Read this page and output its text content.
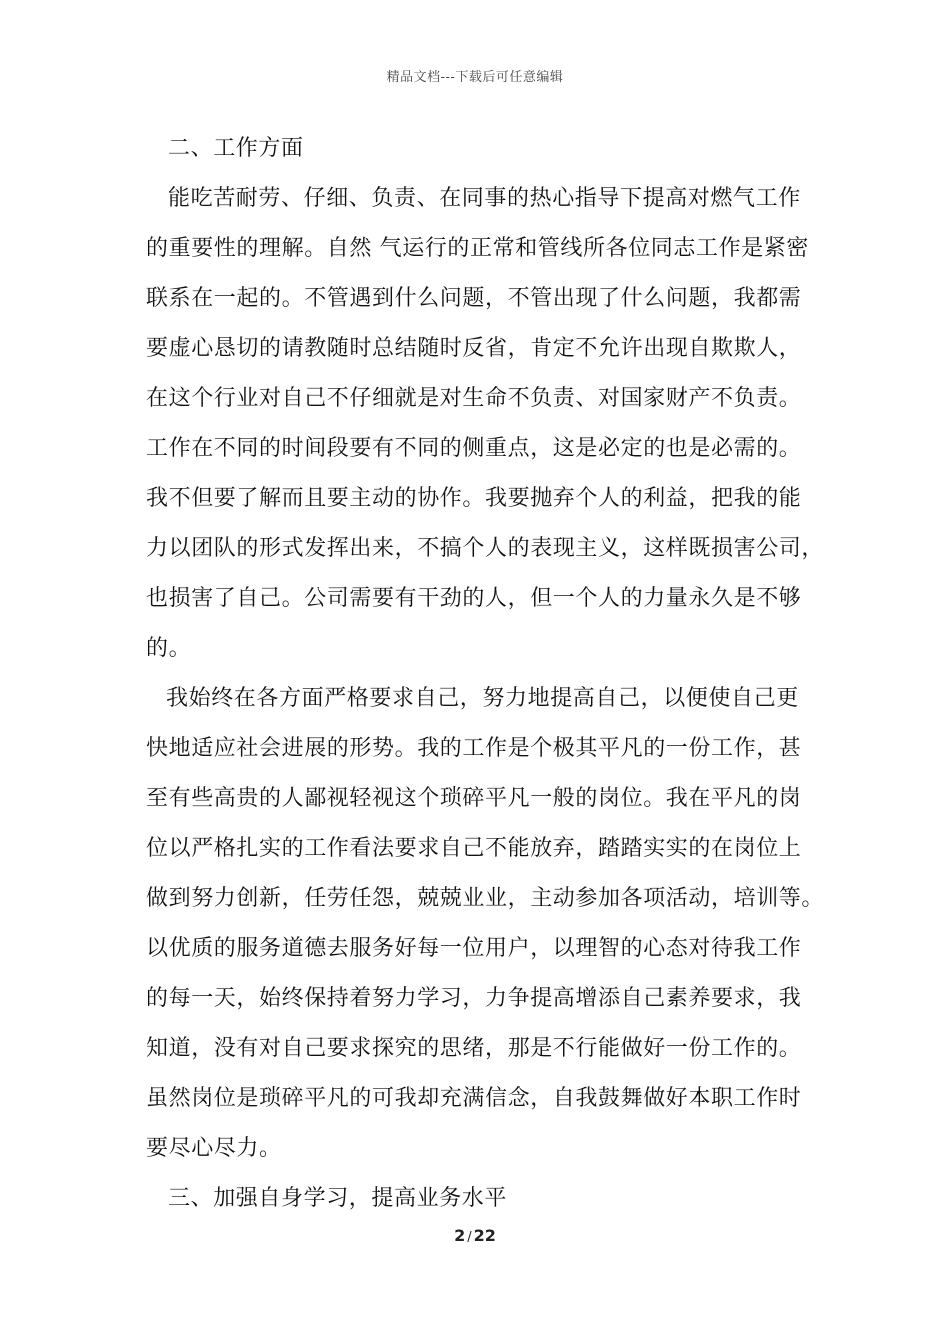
精品文档---下载后可任意编辑
二、工作方面
能吃苦耐劳、仔细、负责、在同事的热心指导下提高对燃气工作
的重要性的理解。自然 气运行的正常和管线所各位同志工作是紧密
联系在一起的。不管遇到什么问题，不管出现了什么问题，我都需
要虚心恳切的请教随时总结随时反省，肯定不允许出现自欺欺人，
在这个行业对自己不仔细就是对生命不负责、对国家财产不负责。
工作在不同的时间段要有不同的侧重点，这是必定的也是必需的。
我不但要了解而且要主动的协作。我要抛弃个人的利益，把我的能
力以团队的形式发挥出来，不搞个人的表现主义，这样既损害公司，
也损害了自己。公司需要有干劲的人，但一个人的力量永久是不够
的。
我始终在各方面严格要求自己，努力地提高自己，以便使自己更
快地适应社会进展的形势。我的工作是个极其平凡的一份工作，甚
至有些高贵的人鄙视轻视这个琐碎平凡一般的岗位。我在平凡的岗
位以严格扎实的工作看法要求自己不能放弃，踏踏实实的在岗位上
做到努力创新，任劳任怨，兢兢业业，主动参加各项活动，培训等。
以优质的服务道德去服务好每一位用户，以理智的心态对待我工作
的每一天，始终保持着努力学习，力争提高增添自己素养要求，我
知道，没有对自己要求探究的思绪，那是不行能做好一份工作的。
虽然岗位是琐碎平凡的可我却充满信念，自我鼓舞做好本职工作时
要尽心尽力。
三、加强自身学习，提高业务水平
2 / 22
